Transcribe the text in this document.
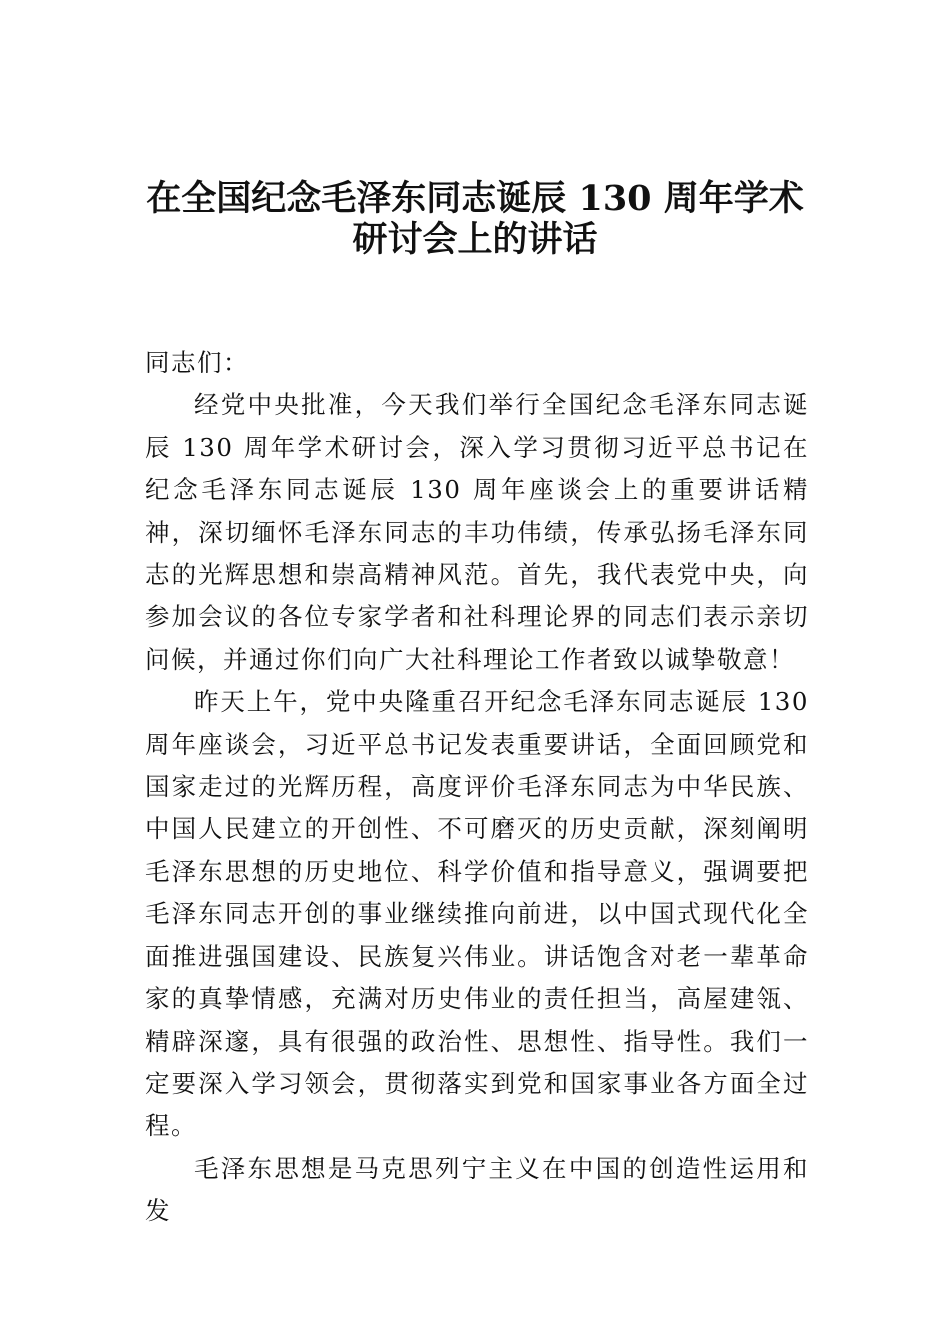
在全国纪念毛泽东同志诞辰 130 周年学术
研讨会上的讲话

同志们：

经党中央批准，今天我们举行全国纪念毛泽东同志诞辰 130 周年学术研讨会，深入学习贯彻习近平总书记在纪念毛泽东同志诞辰 130 周年座谈会上的重要讲话精神，深切缅怀毛泽东同志的丰功伟绩，传承弘扬毛泽东同志的光辉思想和崇高精神风范。首先，我代表党中央，向参加会议的各位专家学者和社科理论界的同志们表示亲切问候，并通过你们向广大社科理论工作者致以诚挚敬意！

昨天上午，党中央隆重召开纪念毛泽东同志诞辰 130 周年座谈会，习近平总书记发表重要讲话，全面回顾党和国家走过的光辉历程，高度评价毛泽东同志为中华民族、中国人民建立的开创性、不可磨灭的历史贡献，深刻阐明毛泽东思想的历史地位、科学价值和指导意义，强调要把毛泽东同志开创的事业继续推向前进，以中国式现代化全面推进强国建设、民族复兴伟业。讲话饱含对老一辈革命家的真挚情感，充满对历史伟业的责任担当，高屋建瓴、精辟深邃，具有很强的政治性、思想性、指导性。我们一定要深入学习领会，贯彻落实到党和国家事业各方面全过程。

毛泽东思想是马克思列宁主义在中国的创造性运用和发
